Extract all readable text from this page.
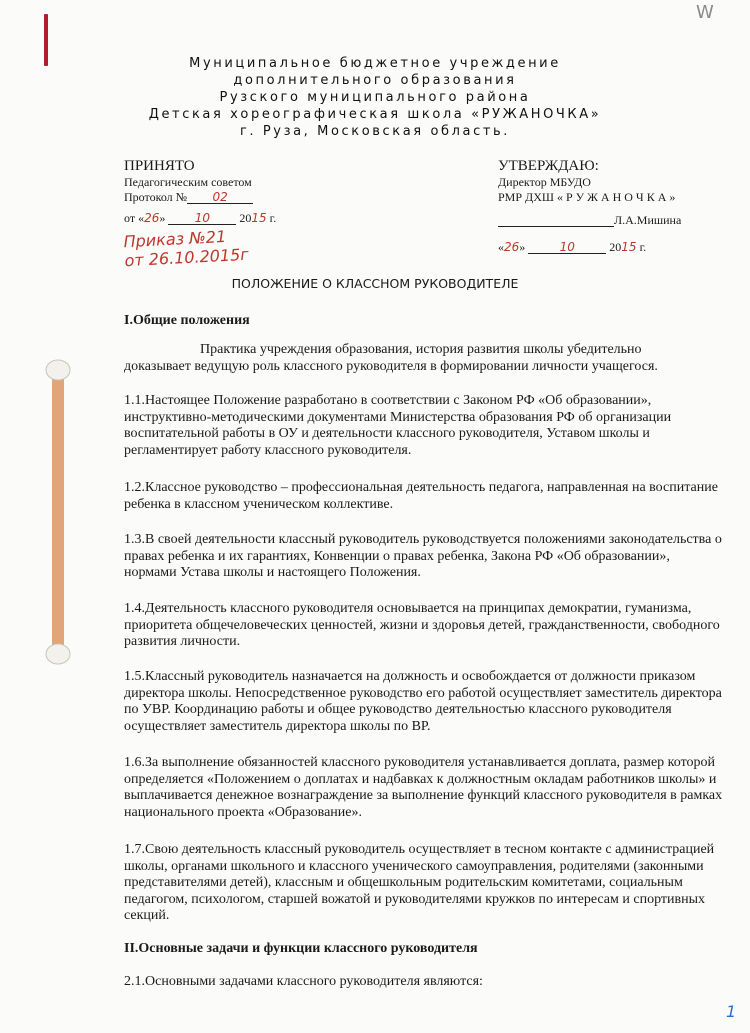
W
Муниципальное бюджетное учреждение
дополнительного образования
Рузского муниципального района
Детская хореографическая школа «РУЖАНОЧКА»
г. Руза, Московская область.
ПРИНЯТО
Педагогическим советом
Протокол № 02
от «26» 10 2015 г.
УТВЕРЖДАЮ:
Директор МБУДО
РМР ДХШ « Р У Ж А Н О Ч К А »
Л.А.Мишина
«26»	10	2015 г.
Приказ №21
от 26.10.2015г
ПОЛОЖЕНИЕ О КЛАССНОМ РУКОВОДИТЕЛЕ
I.Общие положения
Практика учреждения образования, история развития школы убедительно
доказывает ведущую роль классного руководителя в формировании личности учащегося.
1.1.Настоящее Положение разработано в соответствии с Законом РФ «Об образовании», инструктивно-методическими документами Министерства образования РФ об организации воспитательной работы в ОУ и деятельности классного руководителя, Уставом школы и регламентирует работу классного руководителя.
1.2.Классное руководство – профессиональная деятельность педагога, направленная на воспитание ребенка в классном ученическом коллективе.
1.3.В своей деятельности классный руководитель руководствуется положениями законодательства о правах ребенка и их гарантиях, Конвенции о правах ребенка, Закона РФ «Об образовании», нормами Устава школы и настоящего Положения.
1.4.Деятельность классного руководителя основывается на принципах демократии, гуманизма, приоритета общечеловеческих ценностей, жизни и здоровья детей, гражданственности, свободного развития личности.
1.5.Классный руководитель назначается на должность и освобождается от должности приказом директора школы. Непосредственное руководство его работой осуществляет заместитель директора по УВР. Координацию работы и общее руководство деятельностью классного руководителя осуществляет заместитель директора школы по ВР.
1.6.За выполнение обязанностей классного руководителя устанавливается доплата, размер которой определяется «Положением о доплатах и надбавках к должностным окладам работников школы» и выплачивается денежное вознаграждение за выполнение функций классного руководителя в рамках национального проекта «Образование».
1.7.Свою деятельность классный руководитель осуществляет в тесном контакте с администрацией школы, органами школьного и классного ученического самоуправления, родителями (законными представителями детей), классным и общешкольным родительским комитетами, социальным педагогом, психологом, старшей вожатой и руководителями кружков по интересам и спортивных секций.
II.Основные задачи и функции классного руководителя
2.1.Основными задачами классного руководителя являются:
1
